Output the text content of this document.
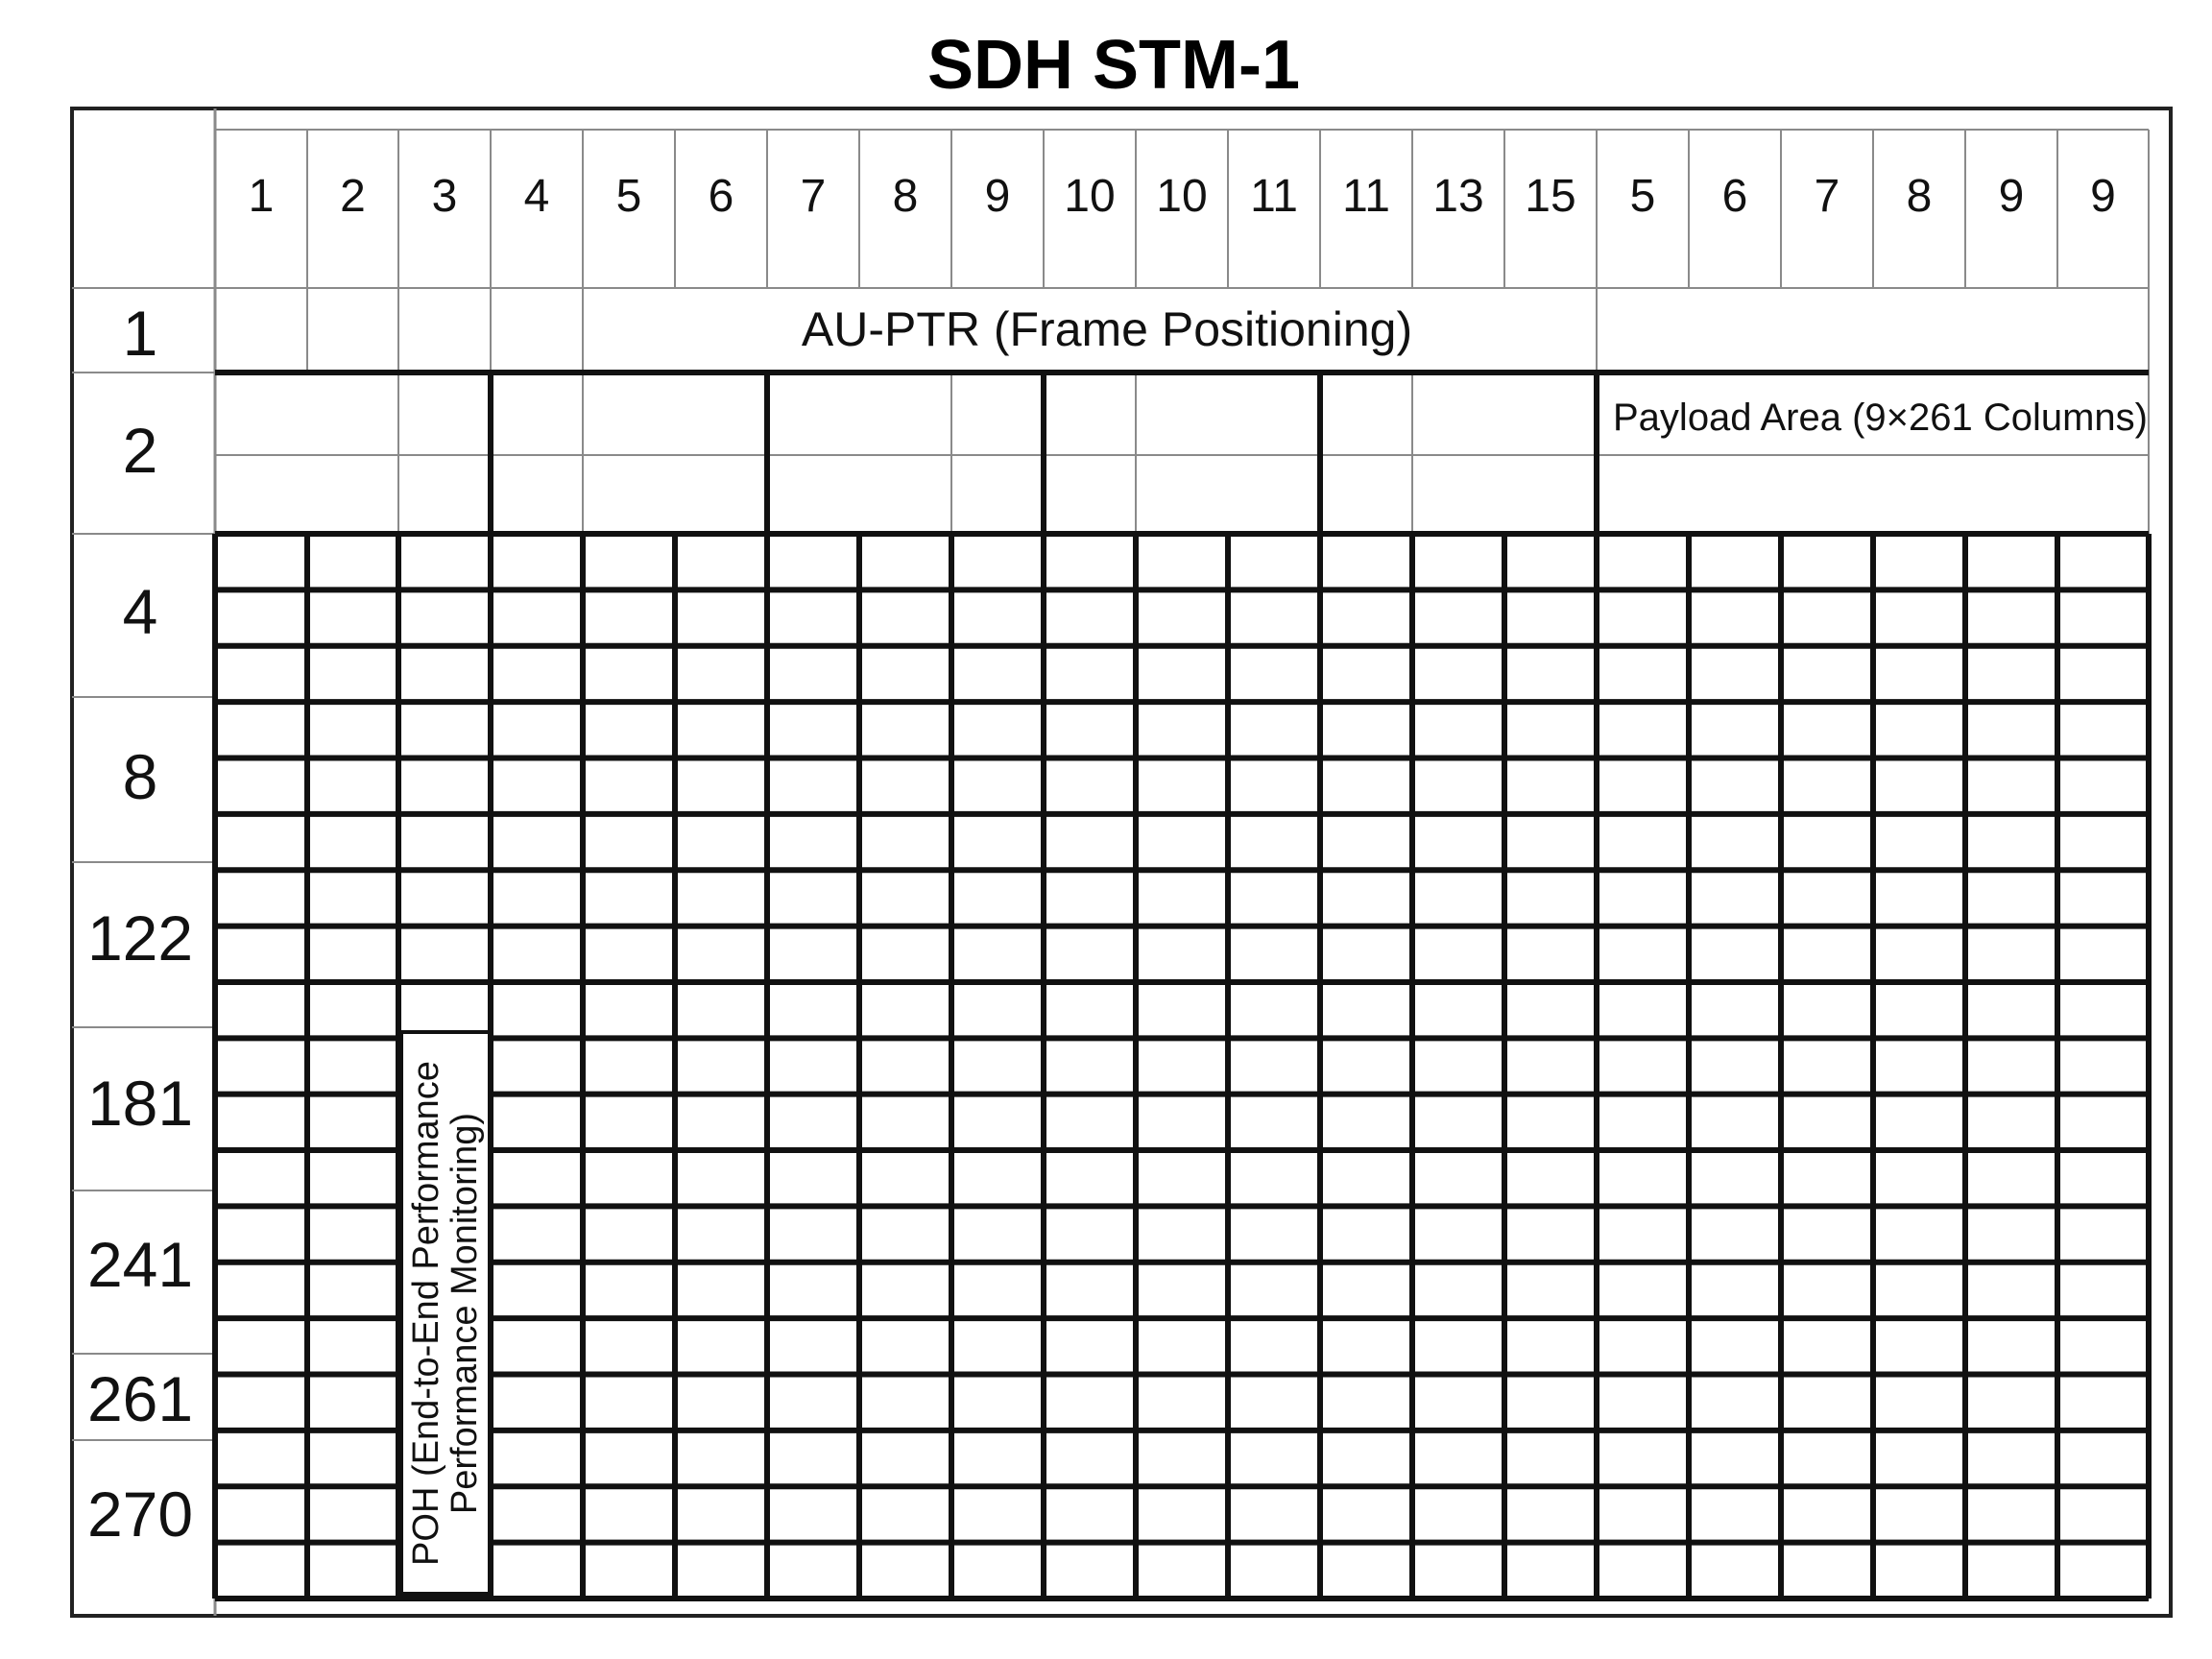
SDH STM-1
1 2 3 4 5 6 7 8 9 10 10 11 11 13 15 5 6 7 8 9 9
1
2
4
8
122
181
241
261
270
AU-PTR (Frame Positioning)
Payload Area (9×261 Columns)
POH (End-to-End Performance
Performance Monitoring)
